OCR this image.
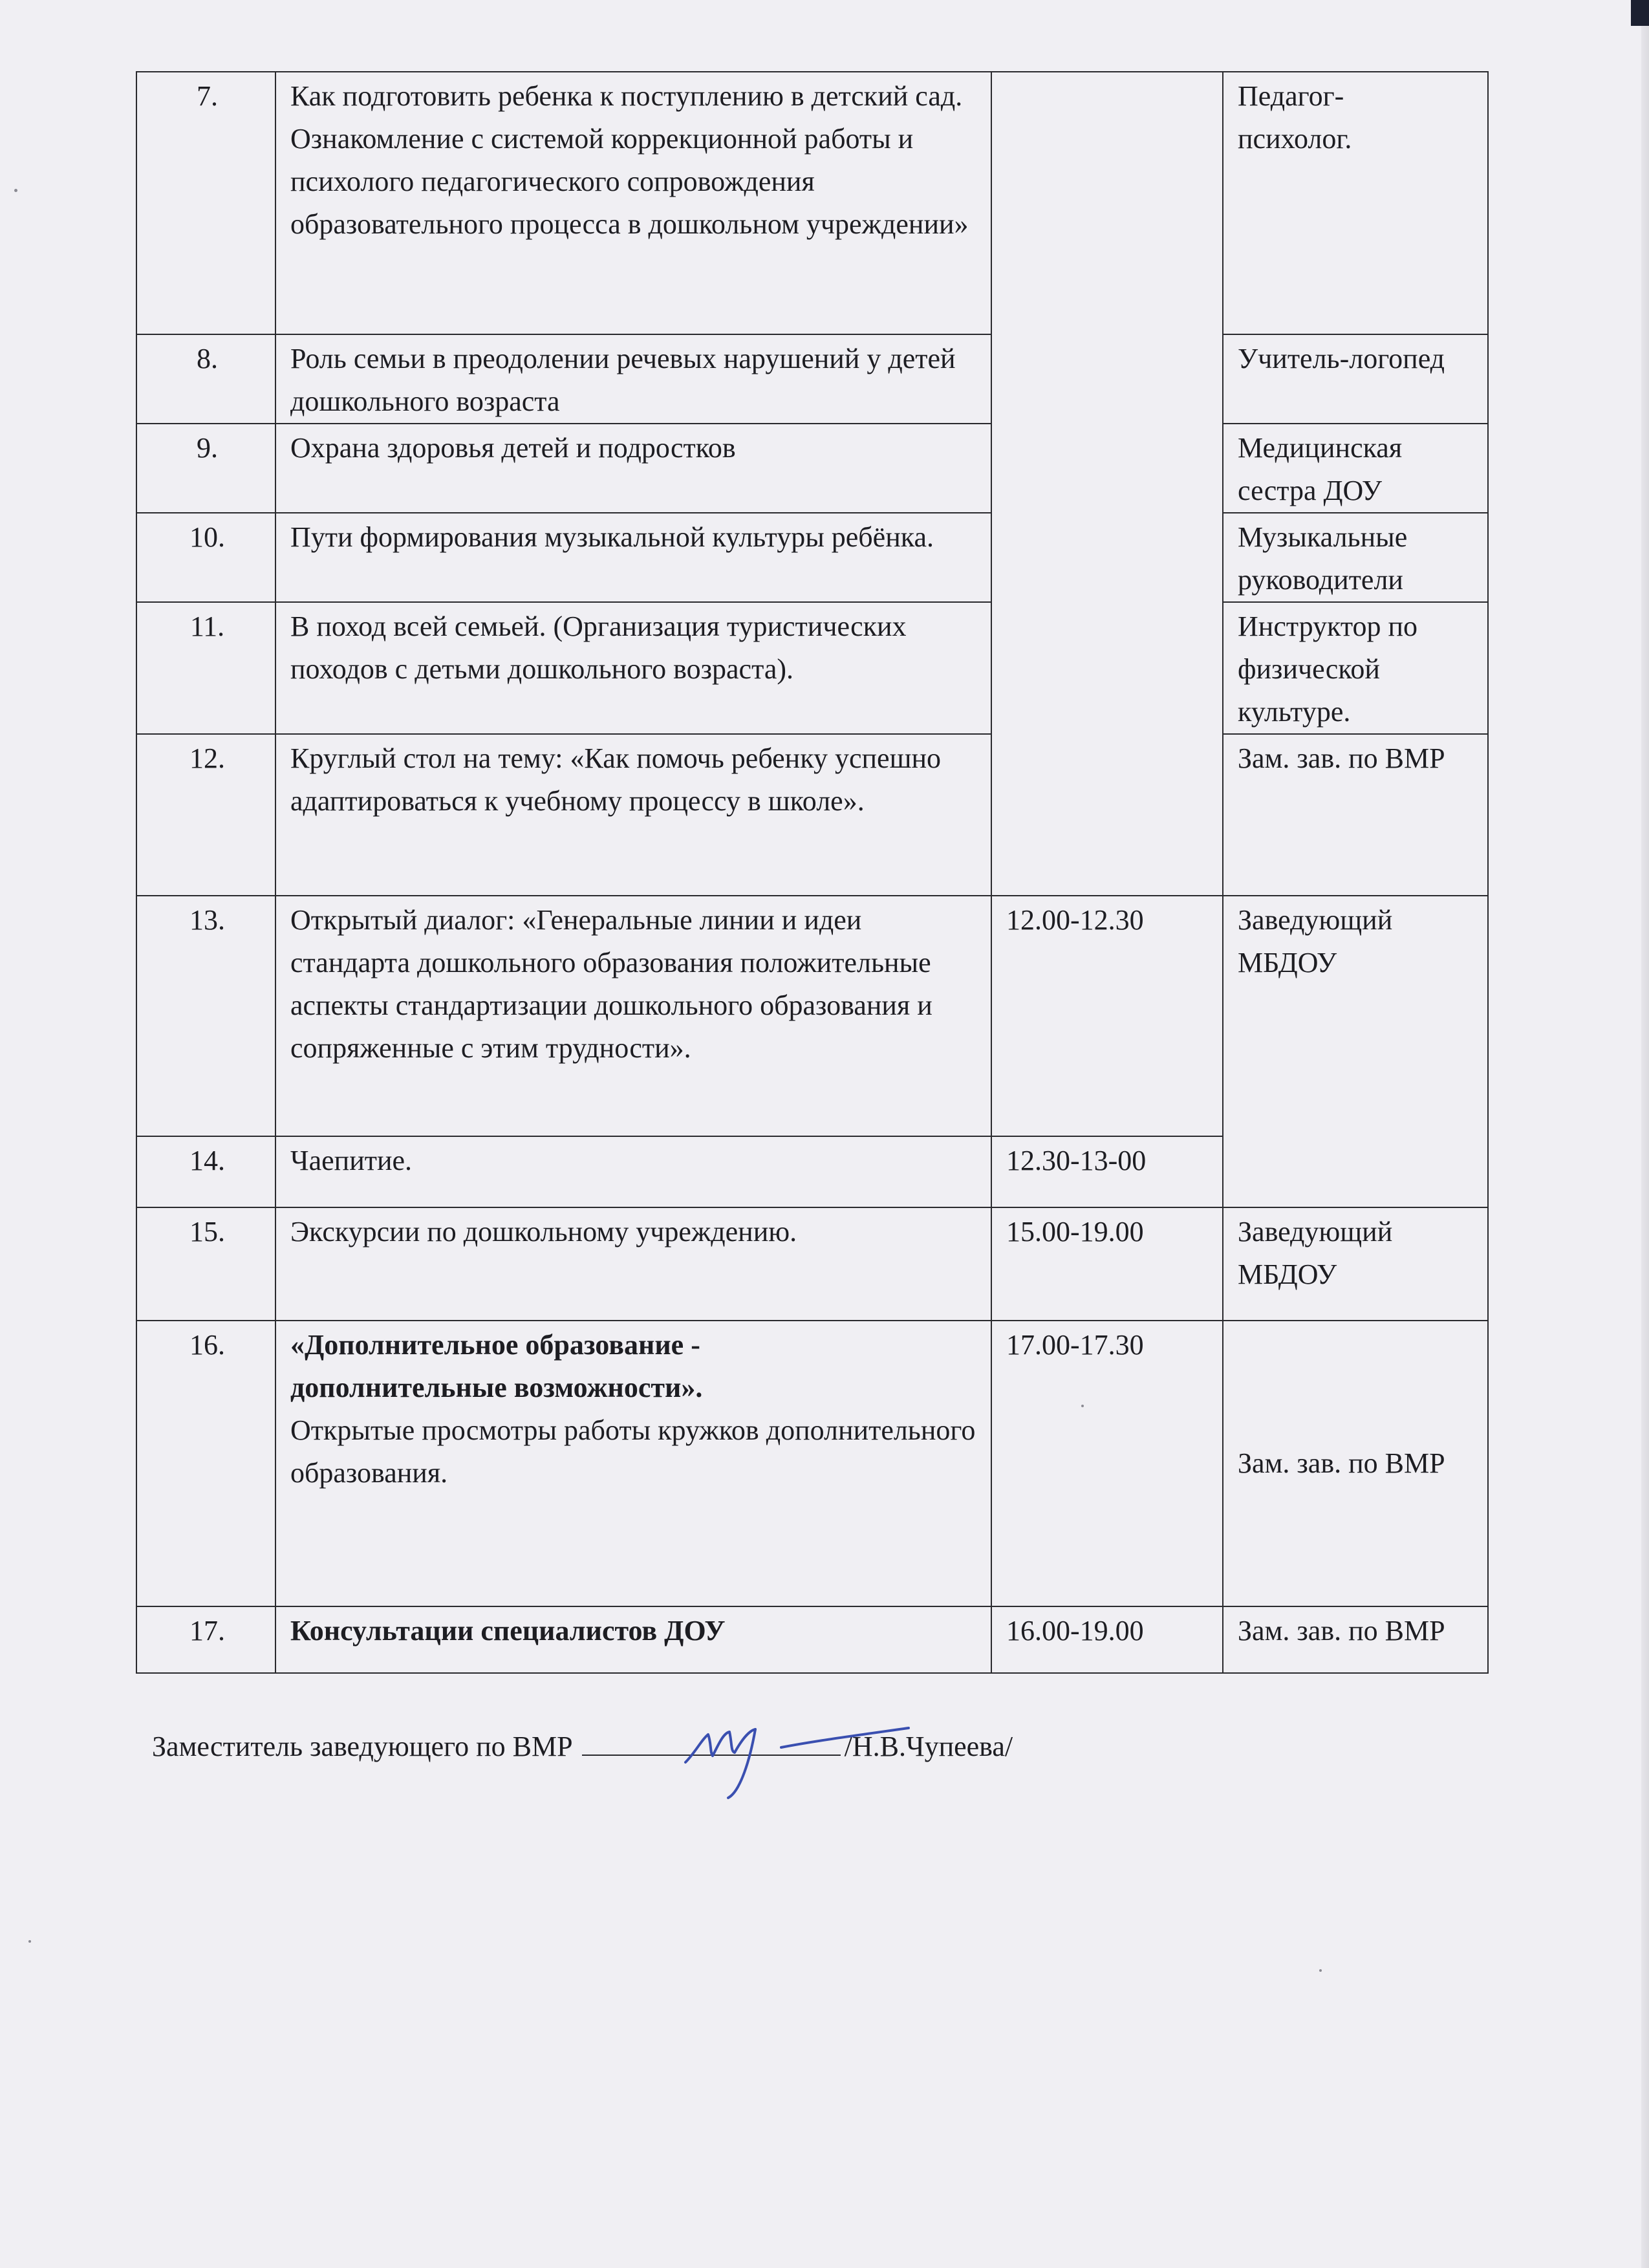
7.	Как подготовить ребенка к поступлению в детский сад.
Ознакомление с системой коррекционной работы и психолого педагогического сопровождения образовательного процесса в дошкольном учреждении»		Педагог-
психолог.

8.	Роль семьи в преодолении речевых нарушений у детей дошкольного возраста		Учитель-логопед

9.	Охрана здоровья детей и подростков		Медицинская
сестра ДОУ

10.	Пути формирования музыкальной культуры ребёнка.		Музыкальные
руководители

11.	В поход всей семьей. (Организация туристических походов с детьми дошкольного возраста).		Инструктор по
физической
культуре.

12.	Круглый стол на тему: «Как помочь ребенку успешно адаптироваться к учебному процессу в школе».		Зам. зав. по ВМР

13.	Открытый диалог: «Генеральные линии и идеи стандарта дошкольного образования положительные аспекты стандартизации дошкольного образования и сопряженные с этим трудности».	12.00-12.30	Заведующий
МБДОУ

14.	Чаепитие.	12.30-13-00	
15.	Экскурсии по дошкольному учреждению.	15.00-19.00	Заведующий
МБДОУ

16.	«Дополнительное образование -
дополнительные возможности».
Открытые просмотры работы кружков дополнительного образования.	17.00-17.30	Зам. зав. по ВМР

17.	Консультации специалистов ДОУ	16.00-19.00	Зам. зав. по ВМР
Заместитель заведующего по ВМР	/Н.В.Чупеева/
